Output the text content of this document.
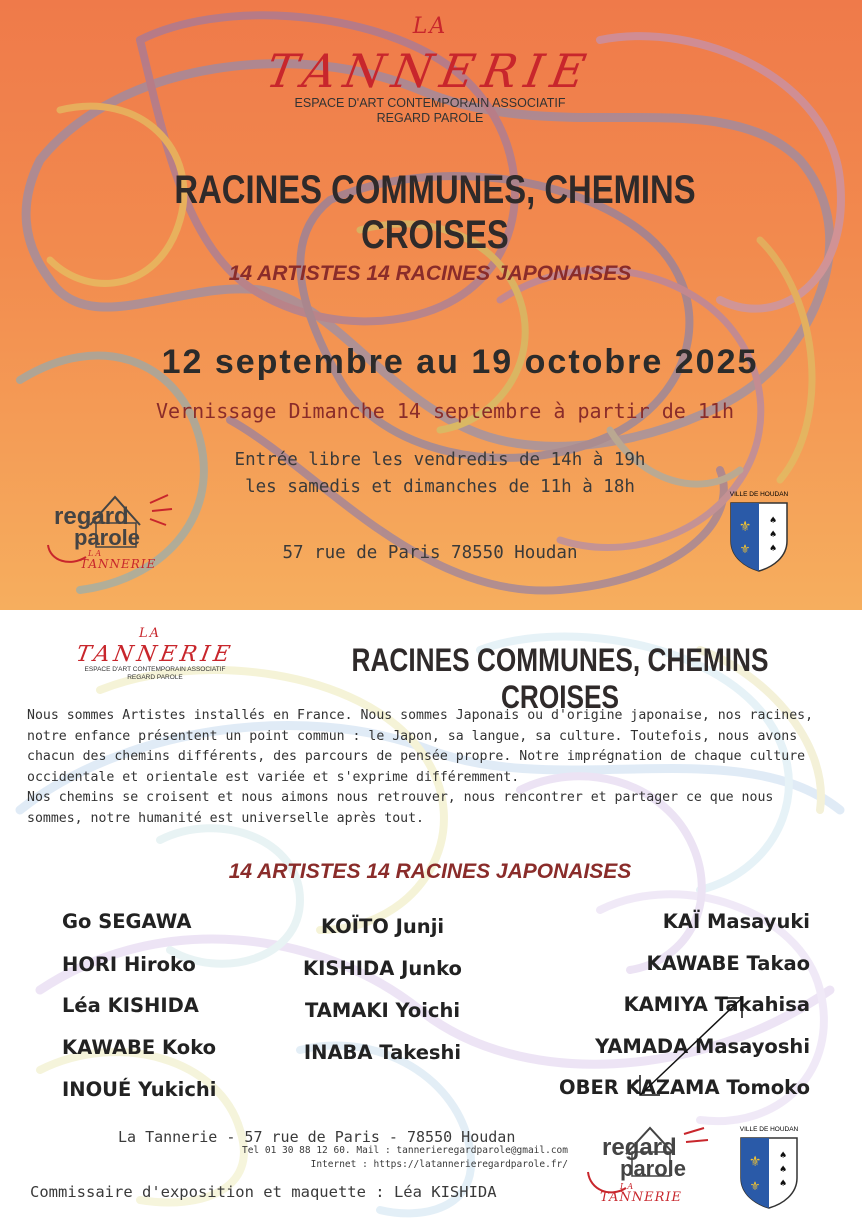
LA
TANNERIE
ESPACE D'ART CONTEMPORAIN ASSOCIATIF
REGARD PAROLE
RACINES COMMUNES, CHEMINS CROISES
14 ARTISTES 14 RACINES JAPONAISES
12 septembre au 19 octobre 2025
Vernissage Dimanche 14 septembre à partir de 11h
Entrée libre les vendredis de 14h à 19h
les samedis et dimanches de 11h à 18h
57 rue de Paris 78550 Houdan
regard
parole
LA
TANNERIE
VILLE DE HOUDAN
⚜
⚜
♠
♠
♠
LA
TANNERIE
ESPACE D'ART CONTEMPORAIN ASSOCIATIF
REGARD PAROLE	RACINES COMMUNES, CHEMINS CROISES
Nous sommes Artistes installés en France. Nous sommes Japonais ou d'origine japonaise, nos racines,
notre enfance présentent un point commun : le Japon, sa langue, sa culture. Toutefois, nous avons
chacun des chemins différents, des parcours de pensée propre. Notre imprégnation de chaque culture
occidentale et orientale est variée et s'exprime différemment.
Nos chemins se croisent et nous aimons nous retrouver, nous rencontrer et partager ce que nous
sommes, notre humanité est universelle après tout.
14 ARTISTES 14 RACINES JAPONAISES
Go SEGAWA
HORI Hiroko
Léa KISHIDA
KAWABE Koko
INOUÉ Yukichi
KOÏTO Junji
KISHIDA Junko
TAMAKI Yoichi
INABA Takeshi
KAÏ Masayuki
KAWABE Takao
KAMIYA Takahisa
YAMADA Masayoshi
OBER KAZAMA Tomoko
La Tannerie - 57 rue de Paris - 78550 Houdan
Tel 01 30 88 12 60. Mail : tannerieregardparole@gmail.com
Internet : https://latannerieregardparole.fr/
Commissaire d'exposition et maquette : Léa KISHIDA
regard
parole
LA
TANNERIE
VILLE DE HOUDAN
⚜
⚜
♠
♠
♠
